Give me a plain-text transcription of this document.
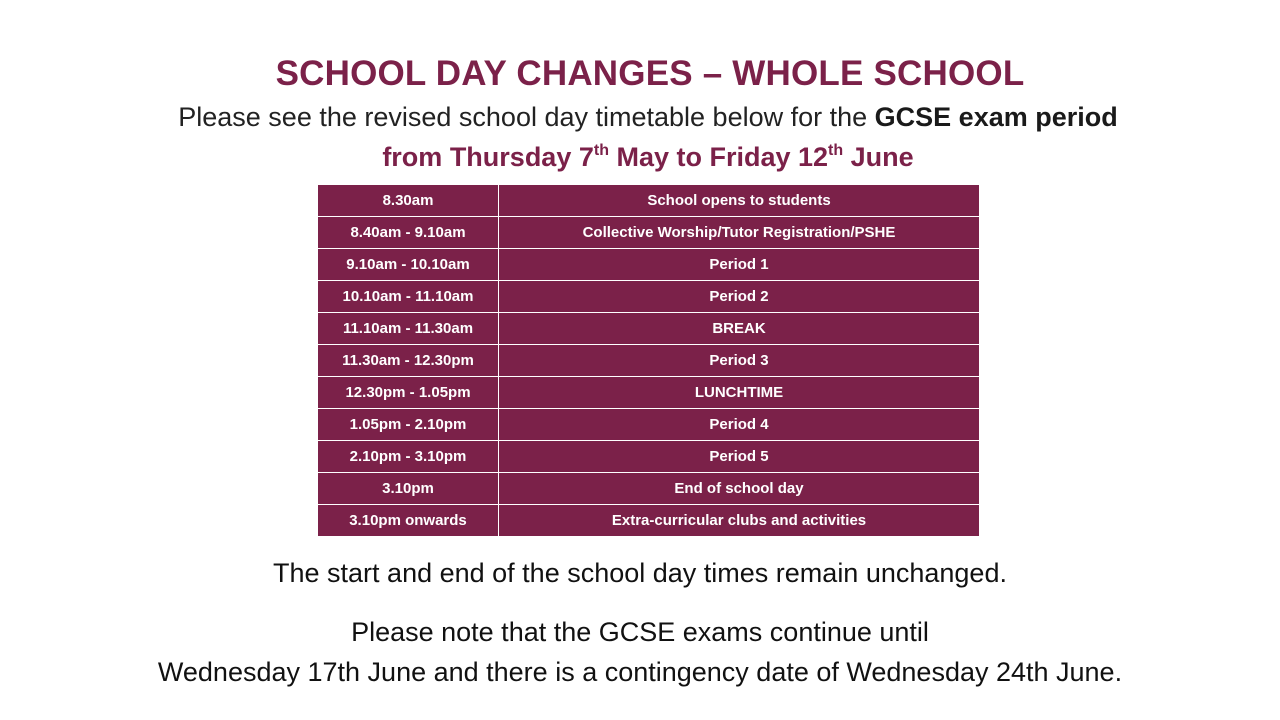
SCHOOL DAY CHANGES – WHOLE SCHOOL
Please see the revised school day timetable below for the GCSE exam period
from Thursday 7th May to Friday 12th June
8.30am	School opens to students
8.40am - 9.10am	Collective Worship/Tutor Registration/PSHE
9.10am - 10.10am	Period 1
10.10am - 11.10am	Period 2
11.10am - 11.30am	BREAK
11.30am - 12.30pm	Period 3
12.30pm - 1.05pm	LUNCHTIME
1.05pm - 2.10pm	Period 4
2.10pm - 3.10pm	Period 5
3.10pm	End of school day
3.10pm onwards	Extra-curricular clubs and activities
The start and end of the school day times remain unchanged.
Please note that the GCSE exams continue until
Wednesday 17th June and there is a contingency date of Wednesday 24th June.
